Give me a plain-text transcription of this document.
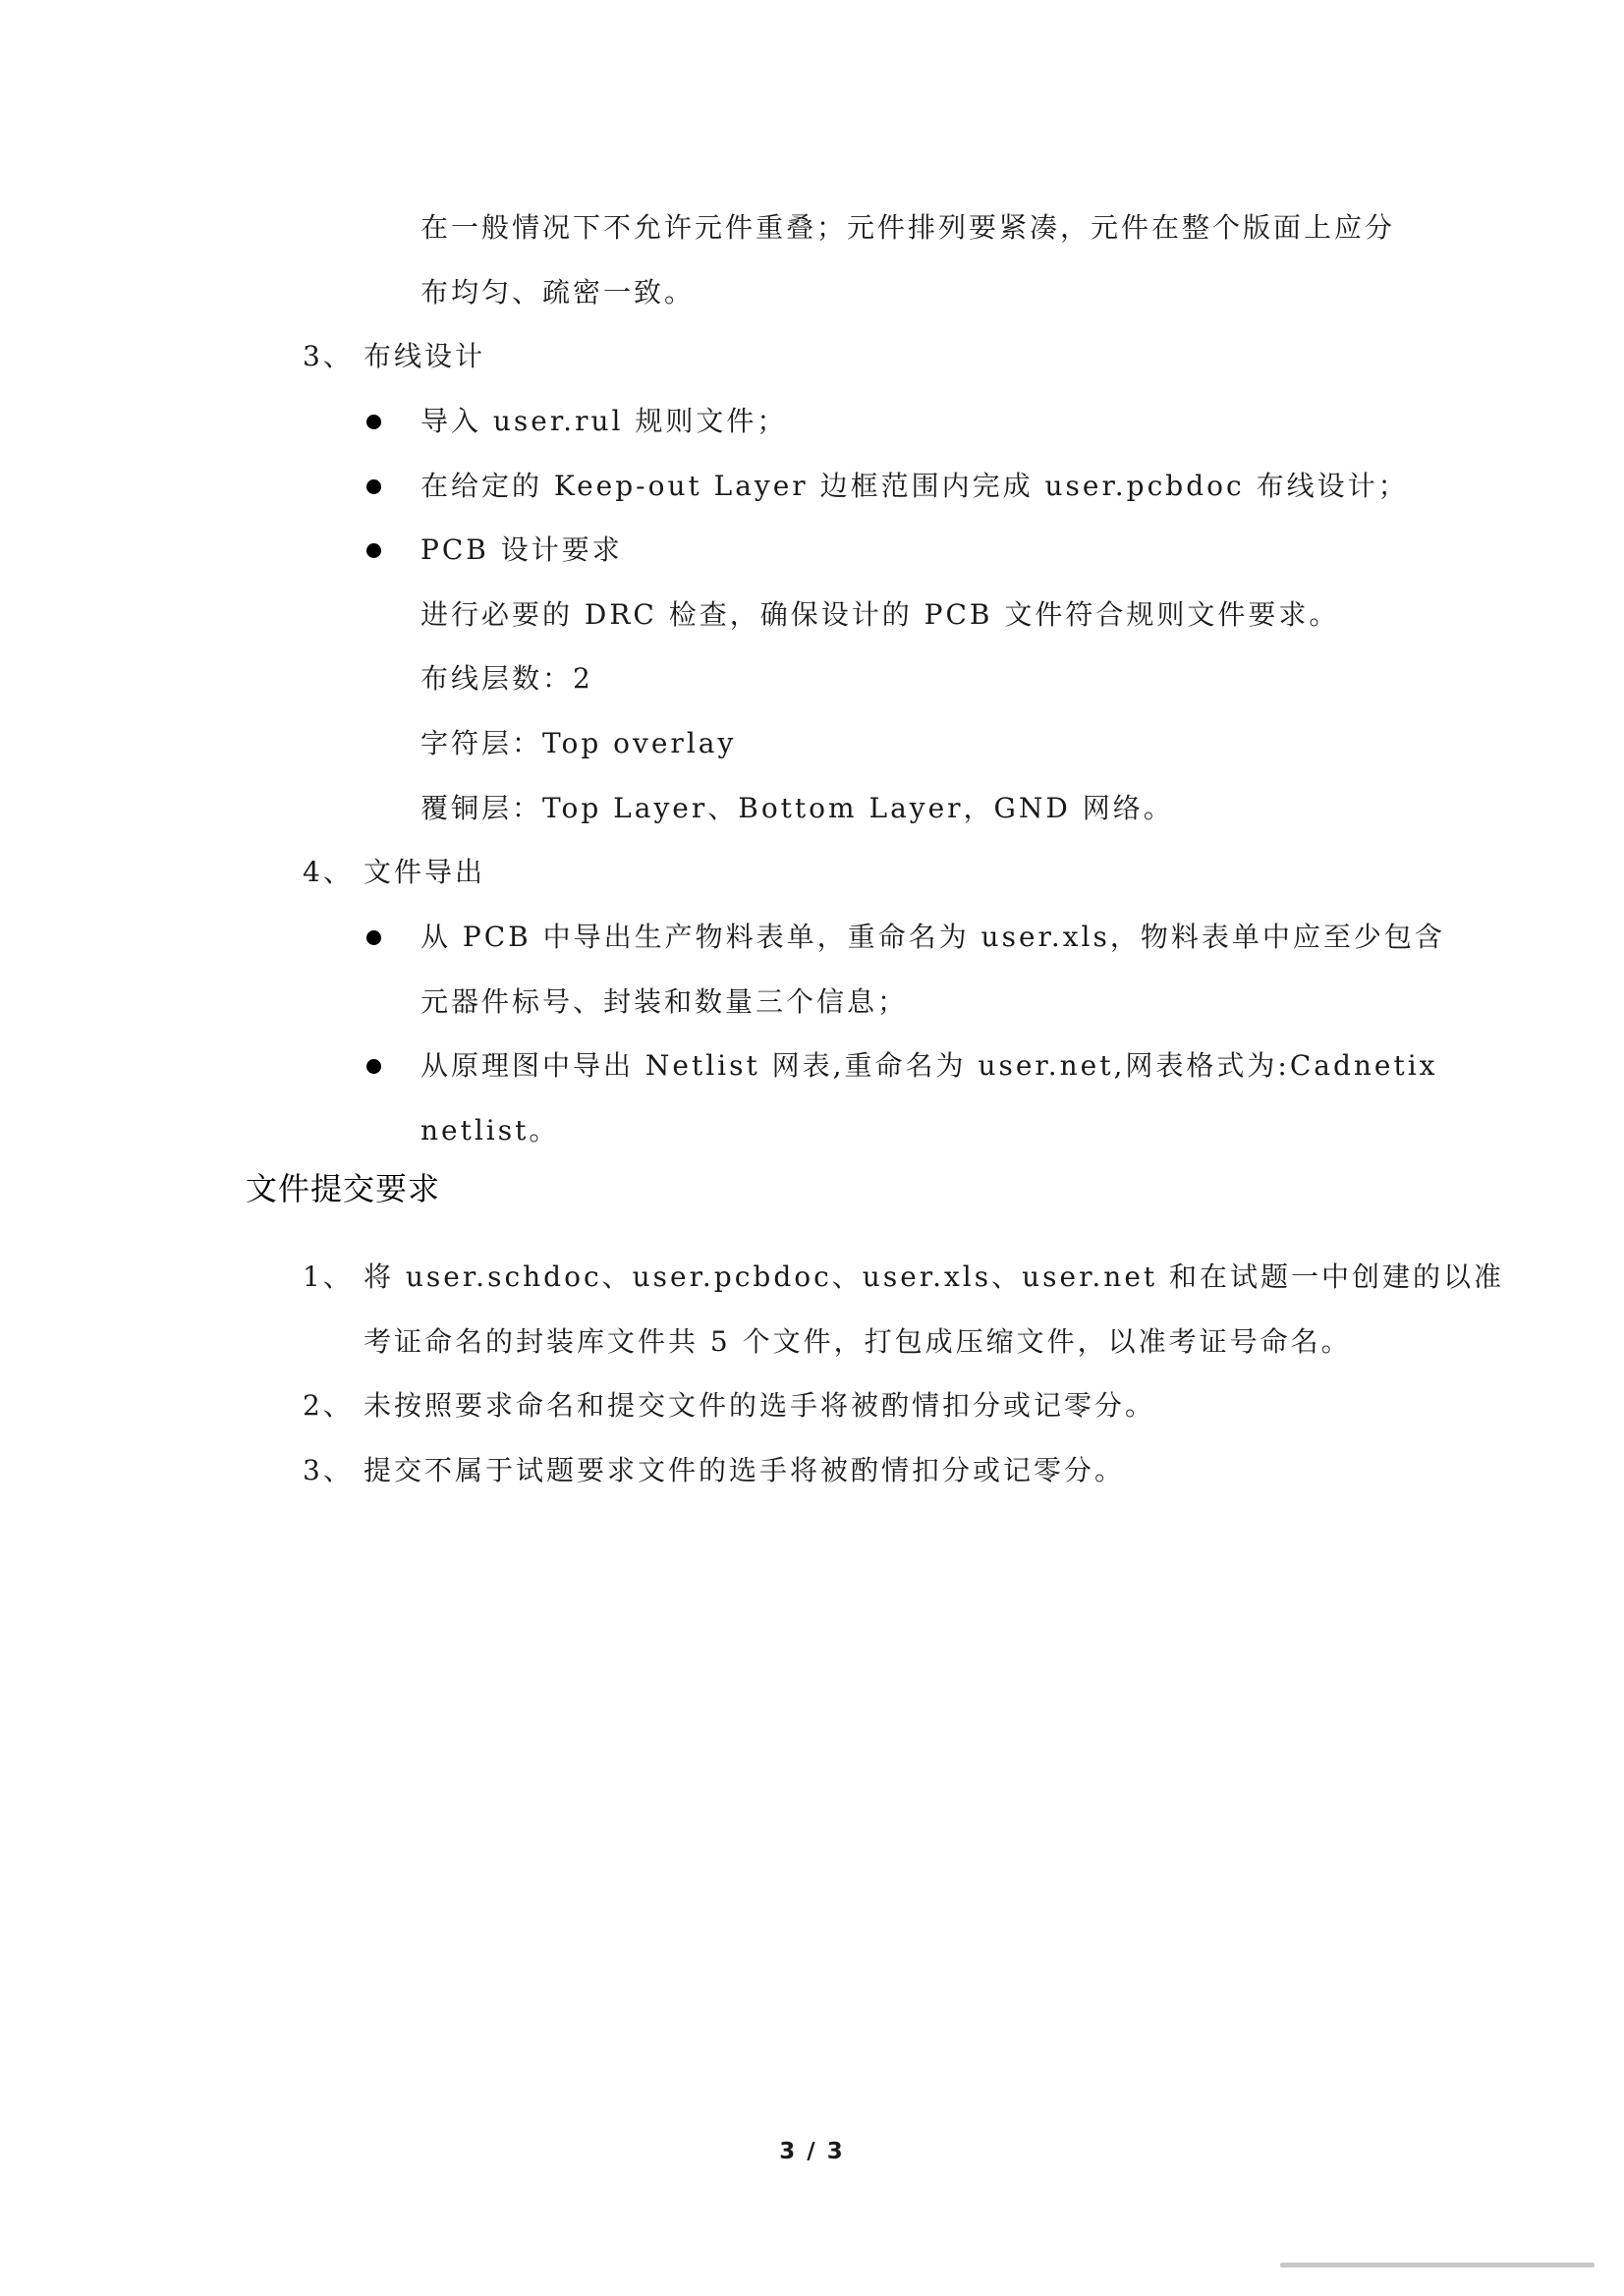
在一般情况下不允许元件重叠；元件排列要紧凑，元件在整个版面上应分
布均匀、疏密一致。
3、 布线设计
导入 user.rul 规则文件；
在给定的 Keep-out Layer 边框范围内完成 user.pcbdoc 布线设计；
PCB 设计要求
进行必要的 DRC 检查，确保设计的 PCB 文件符合规则文件要求。
布线层数：2
字符层：Top overlay
覆铜层：Top Layer、Bottom Layer，GND 网络。
4、 文件导出
从 PCB 中导出生产物料表单，重命名为 user.xls，物料表单中应至少包含
元器件标号、封装和数量三个信息；
从原理图中导出 Netlist 网表,重命名为 user.net,网表格式为:Cadnetix
netlist。
文件提交要求
1、 将 user.schdoc、user.pcbdoc、user.xls、user.net 和在试题一中创建的以准
考证命名的封装库文件共 5 个文件，打包成压缩文件，以准考证号命名。
2、 未按照要求命名和提交文件的选手将被酌情扣分或记零分。
3、 提交不属于试题要求文件的选手将被酌情扣分或记零分。
3 / 3
